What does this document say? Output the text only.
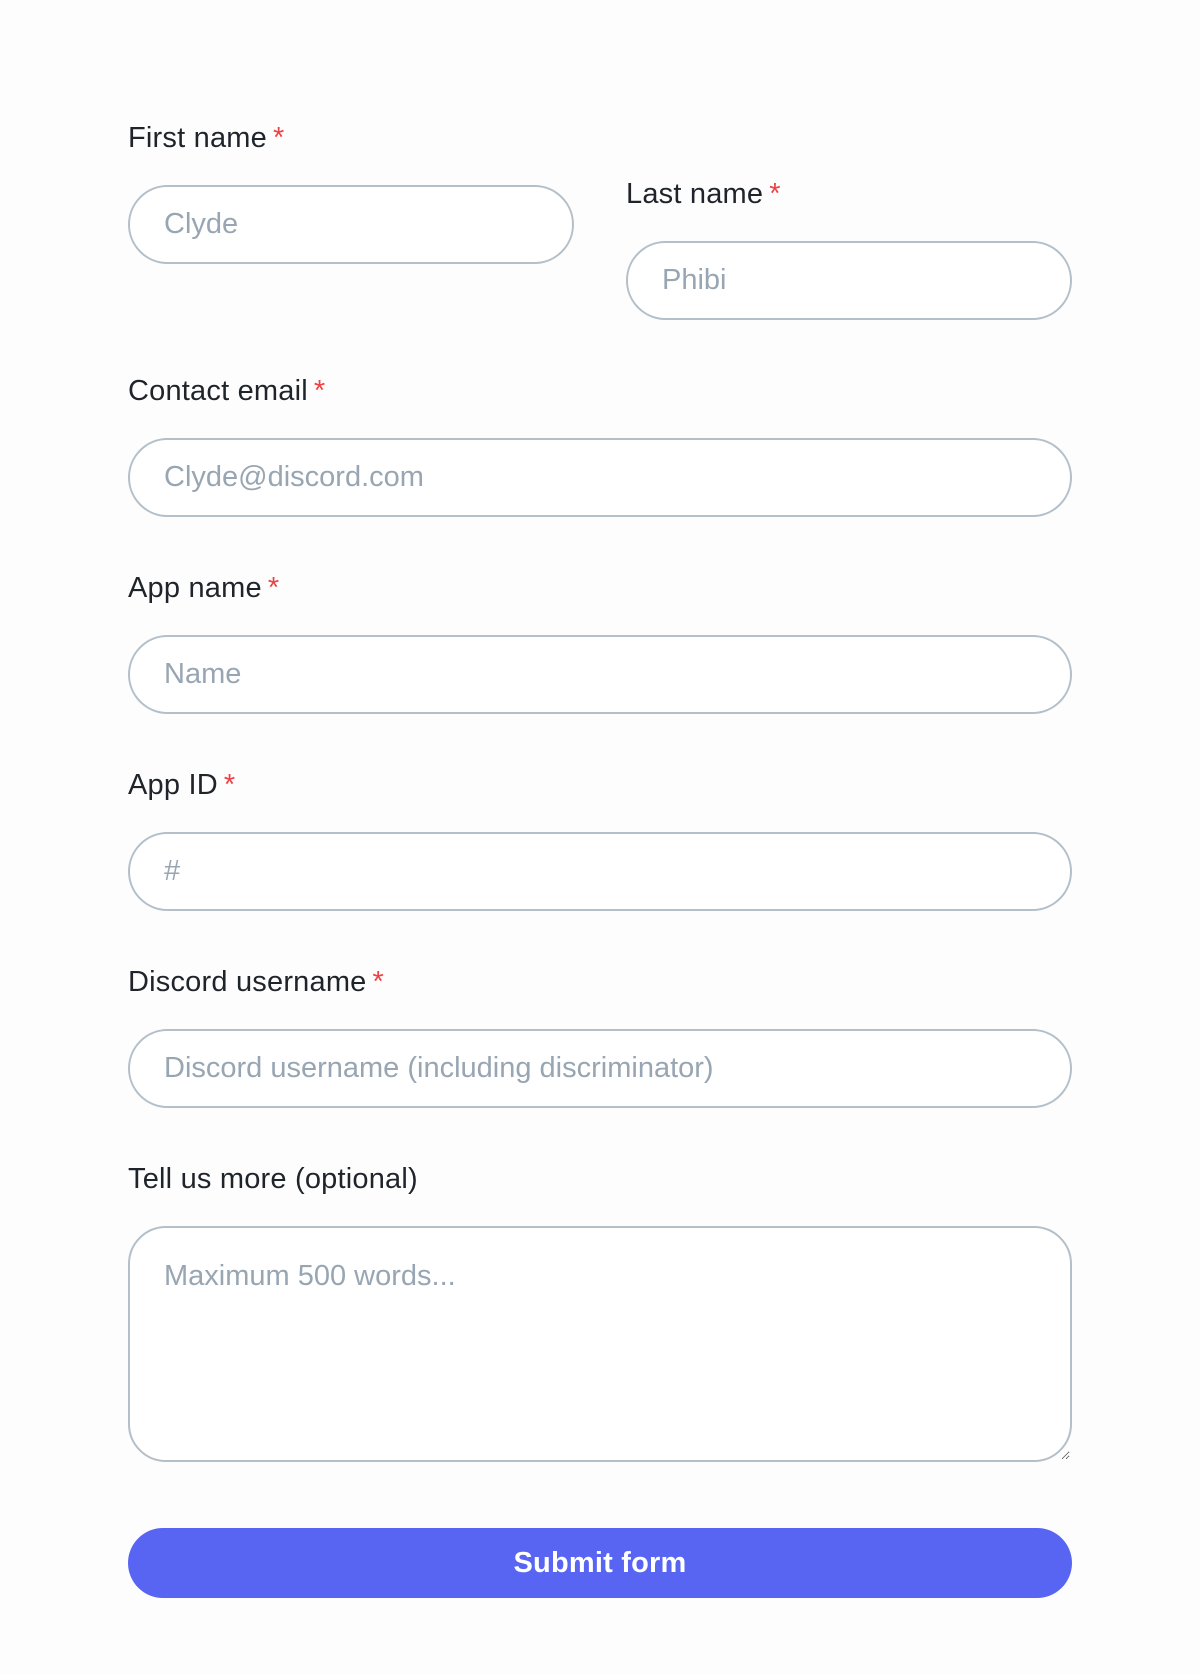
First name *
Clyde
Last name *
Phibi
Contact email *
Clyde@discord.com
App name *
Name
App ID *
#
Discord username *
Discord username (including discriminator)
Tell us more (optional)
Maximum 500 words...
Submit form
